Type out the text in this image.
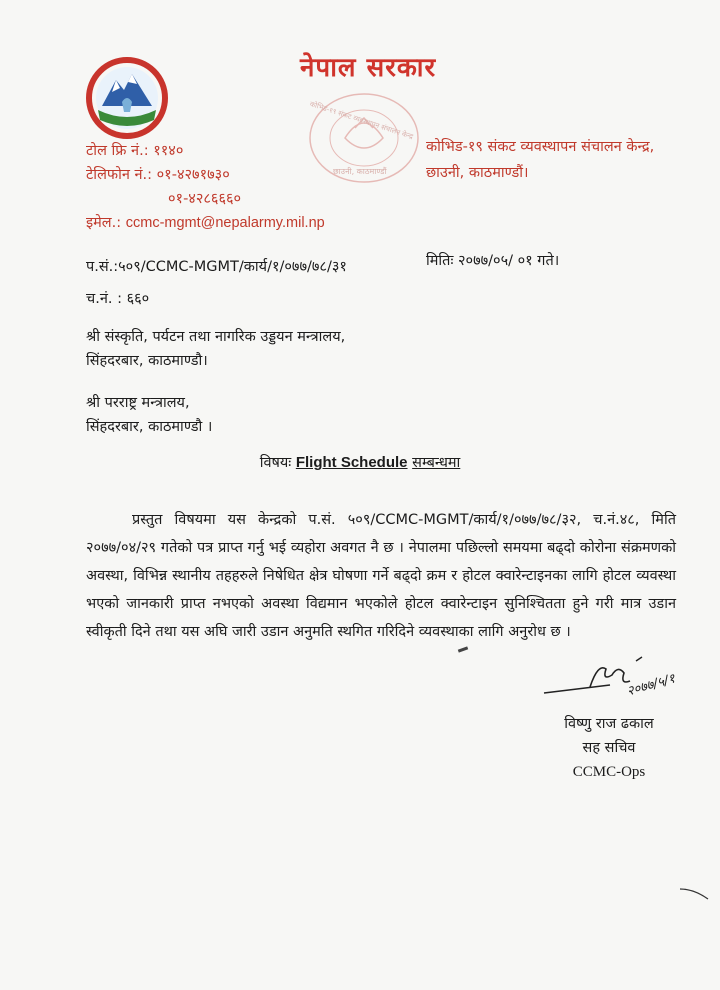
नेपाल सरकार
कोभिड-१९ संकट व्यवस्थापन संचालन केन्द्र
छाउनी, काठमाण्डौं
कोभिड-१९ संकट व्यवस्थापन संचालन केन्द्र,
छाउनी, काठमाण्डौं।
टोल फ्रि नं.: ११४०
टेलिफोन नं.: ०१-४२७१७३०
०१-४२८६६६०
इमेल.: ccmc-mgmt@nepalarmy.mil.np
प.सं.:५०९/CCMC-MGMT/कार्य/१/०७७/७८/३१	मितिः २०७७/०५/ ०१ गते।
च.नं. : ६६०
श्री संस्कृति, पर्यटन तथा नागरिक उड्डयन मन्त्रालय,
सिंहदरबार, काठमाण्डौ।
श्री परराष्ट्र मन्त्रालय,
सिंहदरबार, काठमाण्डौ ।
विषयः Flight Schedule सम्बन्धमा
प्रस्तुत विषयमा यस केन्द्रको प.सं. ५०९/CCMC-MGMT/कार्य/१/०७७/७८/३२, च.नं.४८, मिति २०७७/०४/२९ गतेको पत्र प्राप्त गर्नु भई व्यहोरा अवगत नै छ । नेपालमा पछिल्लो समयमा बढ्दो कोरोना संक्रमणको अवस्था, विभिन्न स्थानीय तहहरुले निषेधित क्षेत्र घोषणा गर्ने बढ्दो क्रम र होटल क्वारेन्टाइनका लागि होटल व्यवस्था भएको जानकारी प्राप्त नभएको अवस्था विद्यमान भएकोले होटल क्वारेन्टाइन सुनिश्चितता हुने गरी मात्र उडान स्वीकृती दिने तथा यस अघि जारी उडान अनुमति स्थगित गरिदिने व्यवस्थाका लागि अनुरोध छ ।
२०७७/५/१
विष्णु राज ढकाल
सह सचिव
CCMC-Ops
